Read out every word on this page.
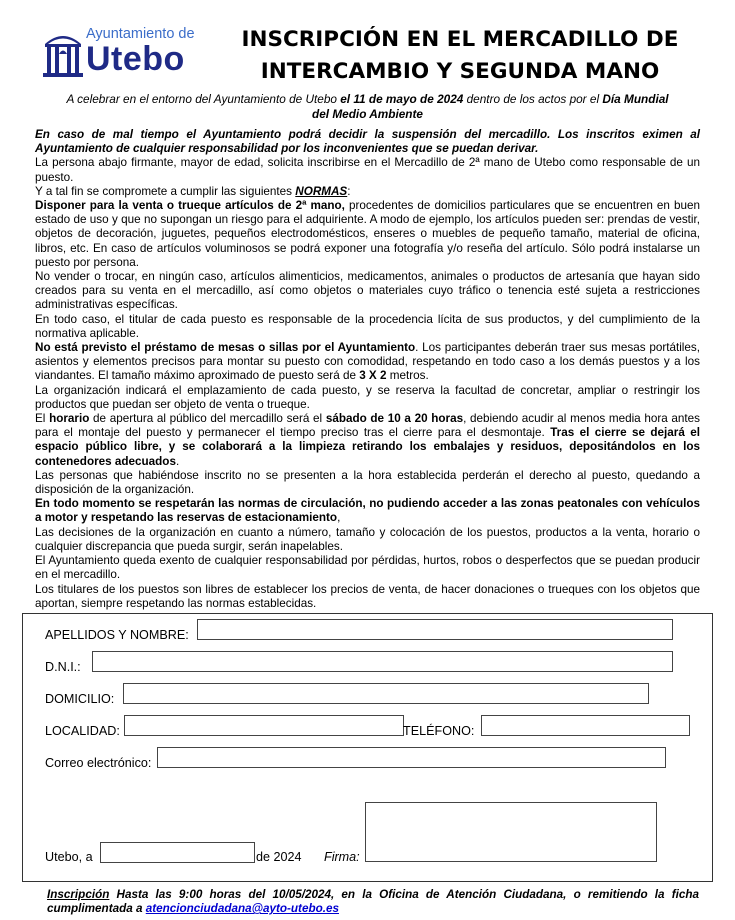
Ayuntamiento de
Utebo
INSCRIPCIÓN EN EL MERCADILLO DE
INTERCAMBIO Y SEGUNDA MANO
A celebrar en el entorno del Ayuntamiento de Utebo el 11 de mayo de 2024 dentro de los actos por el Día Mundial del Medio Ambiente

En caso de mal tiempo el Ayuntamiento podrá decidir la suspensión del mercadillo. Los inscritos eximen al Ayuntamiento de cualquier responsabilidad por los inconvenientes que se puedan derivar.

La persona abajo firmante, mayor de edad, solicita inscribirse en el Mercadillo de 2ª mano de Utebo como responsable de un puesto.

Y a tal fin se compromete a cumplir las siguientes NORMAS:

Disponer para la venta o trueque artículos de 2ª mano, procedentes de domicilios particulares que se encuentren en buen estado de uso y que no supongan un riesgo para el adquiriente. A modo de ejemplo, los artículos pueden ser: prendas de vestir, objetos de decoración, juguetes, pequeños electrodomésticos, enseres o muebles de pequeño tamaño, material de oficina, libros, etc. En caso de artículos voluminosos se podrá exponer una fotografía y/o reseña del artículo. Sólo podrá instalarse un puesto por persona.

No vender o trocar, en ningún caso, artículos alimenticios, medicamentos, animales o productos de artesanía que hayan sido creados para su venta en el mercadillo, así como objetos o materiales cuyo tráfico o tenencia esté sujeta a restricciones administrativas específicas.

En todo caso, el titular de cada puesto es responsable de la procedencia lícita de sus productos, y del cumplimiento de la normativa aplicable.

No está previsto el préstamo de mesas o sillas por el Ayuntamiento. Los participantes deberán traer sus mesas portátiles, asientos y elementos precisos para montar su puesto con comodidad, respetando en todo caso a los demás puestos y a los viandantes. El tamaño máximo aproximado de puesto será de 3 X 2 metros.

La organización indicará el emplazamiento de cada puesto, y se reserva la facultad de concretar, ampliar o restringir los productos que puedan ser objeto de venta o trueque.

El horario de apertura al público del mercadillo será el sábado de 10 a 20 horas, debiendo acudir al menos media hora antes para el montaje del puesto y permanecer el tiempo preciso tras el cierre para el desmontaje. Tras el cierre se dejará el espacio público libre, y se colaborará a la limpieza retirando los embalajes y residuos, depositándolos en los contenedores adecuados.

Las personas que habiéndose inscrito no se presenten a la hora establecida perderán el derecho al puesto, quedando a disposición de la organización.

En todo momento se respetarán las normas de circulación, no pudiendo acceder a las zonas peatonales con vehículos a motor y respetando las reservas de estacionamiento,

Las decisiones de la organización en cuanto a número, tamaño y colocación de los puestos, productos a la venta, horario o cualquier discrepancia que pueda surgir, serán inapelables.

El Ayuntamiento queda exento de cualquier responsabilidad por pérdidas, hurtos, robos o desperfectos que se puedan producir en el mercadillo.

Los titulares de los puestos son libres de establecer los precios de venta, de hacer donaciones o trueques con los objetos que aportan, siempre respetando las normas establecidas.

APELLIDOS Y NOMBRE:
D.N.I.:
DOMICILIO:
LOCALIDAD:	TELÉFONO:
Correo electrónico:
Utebo, a	de 2024 Firma:
Inscripción Hasta las 9:00 horas del 10/05/2024, en la Oficina de Atención Ciudadana, o remitiendo la ficha cumplimentada a atencionciudadana@ayto-utebo.es
